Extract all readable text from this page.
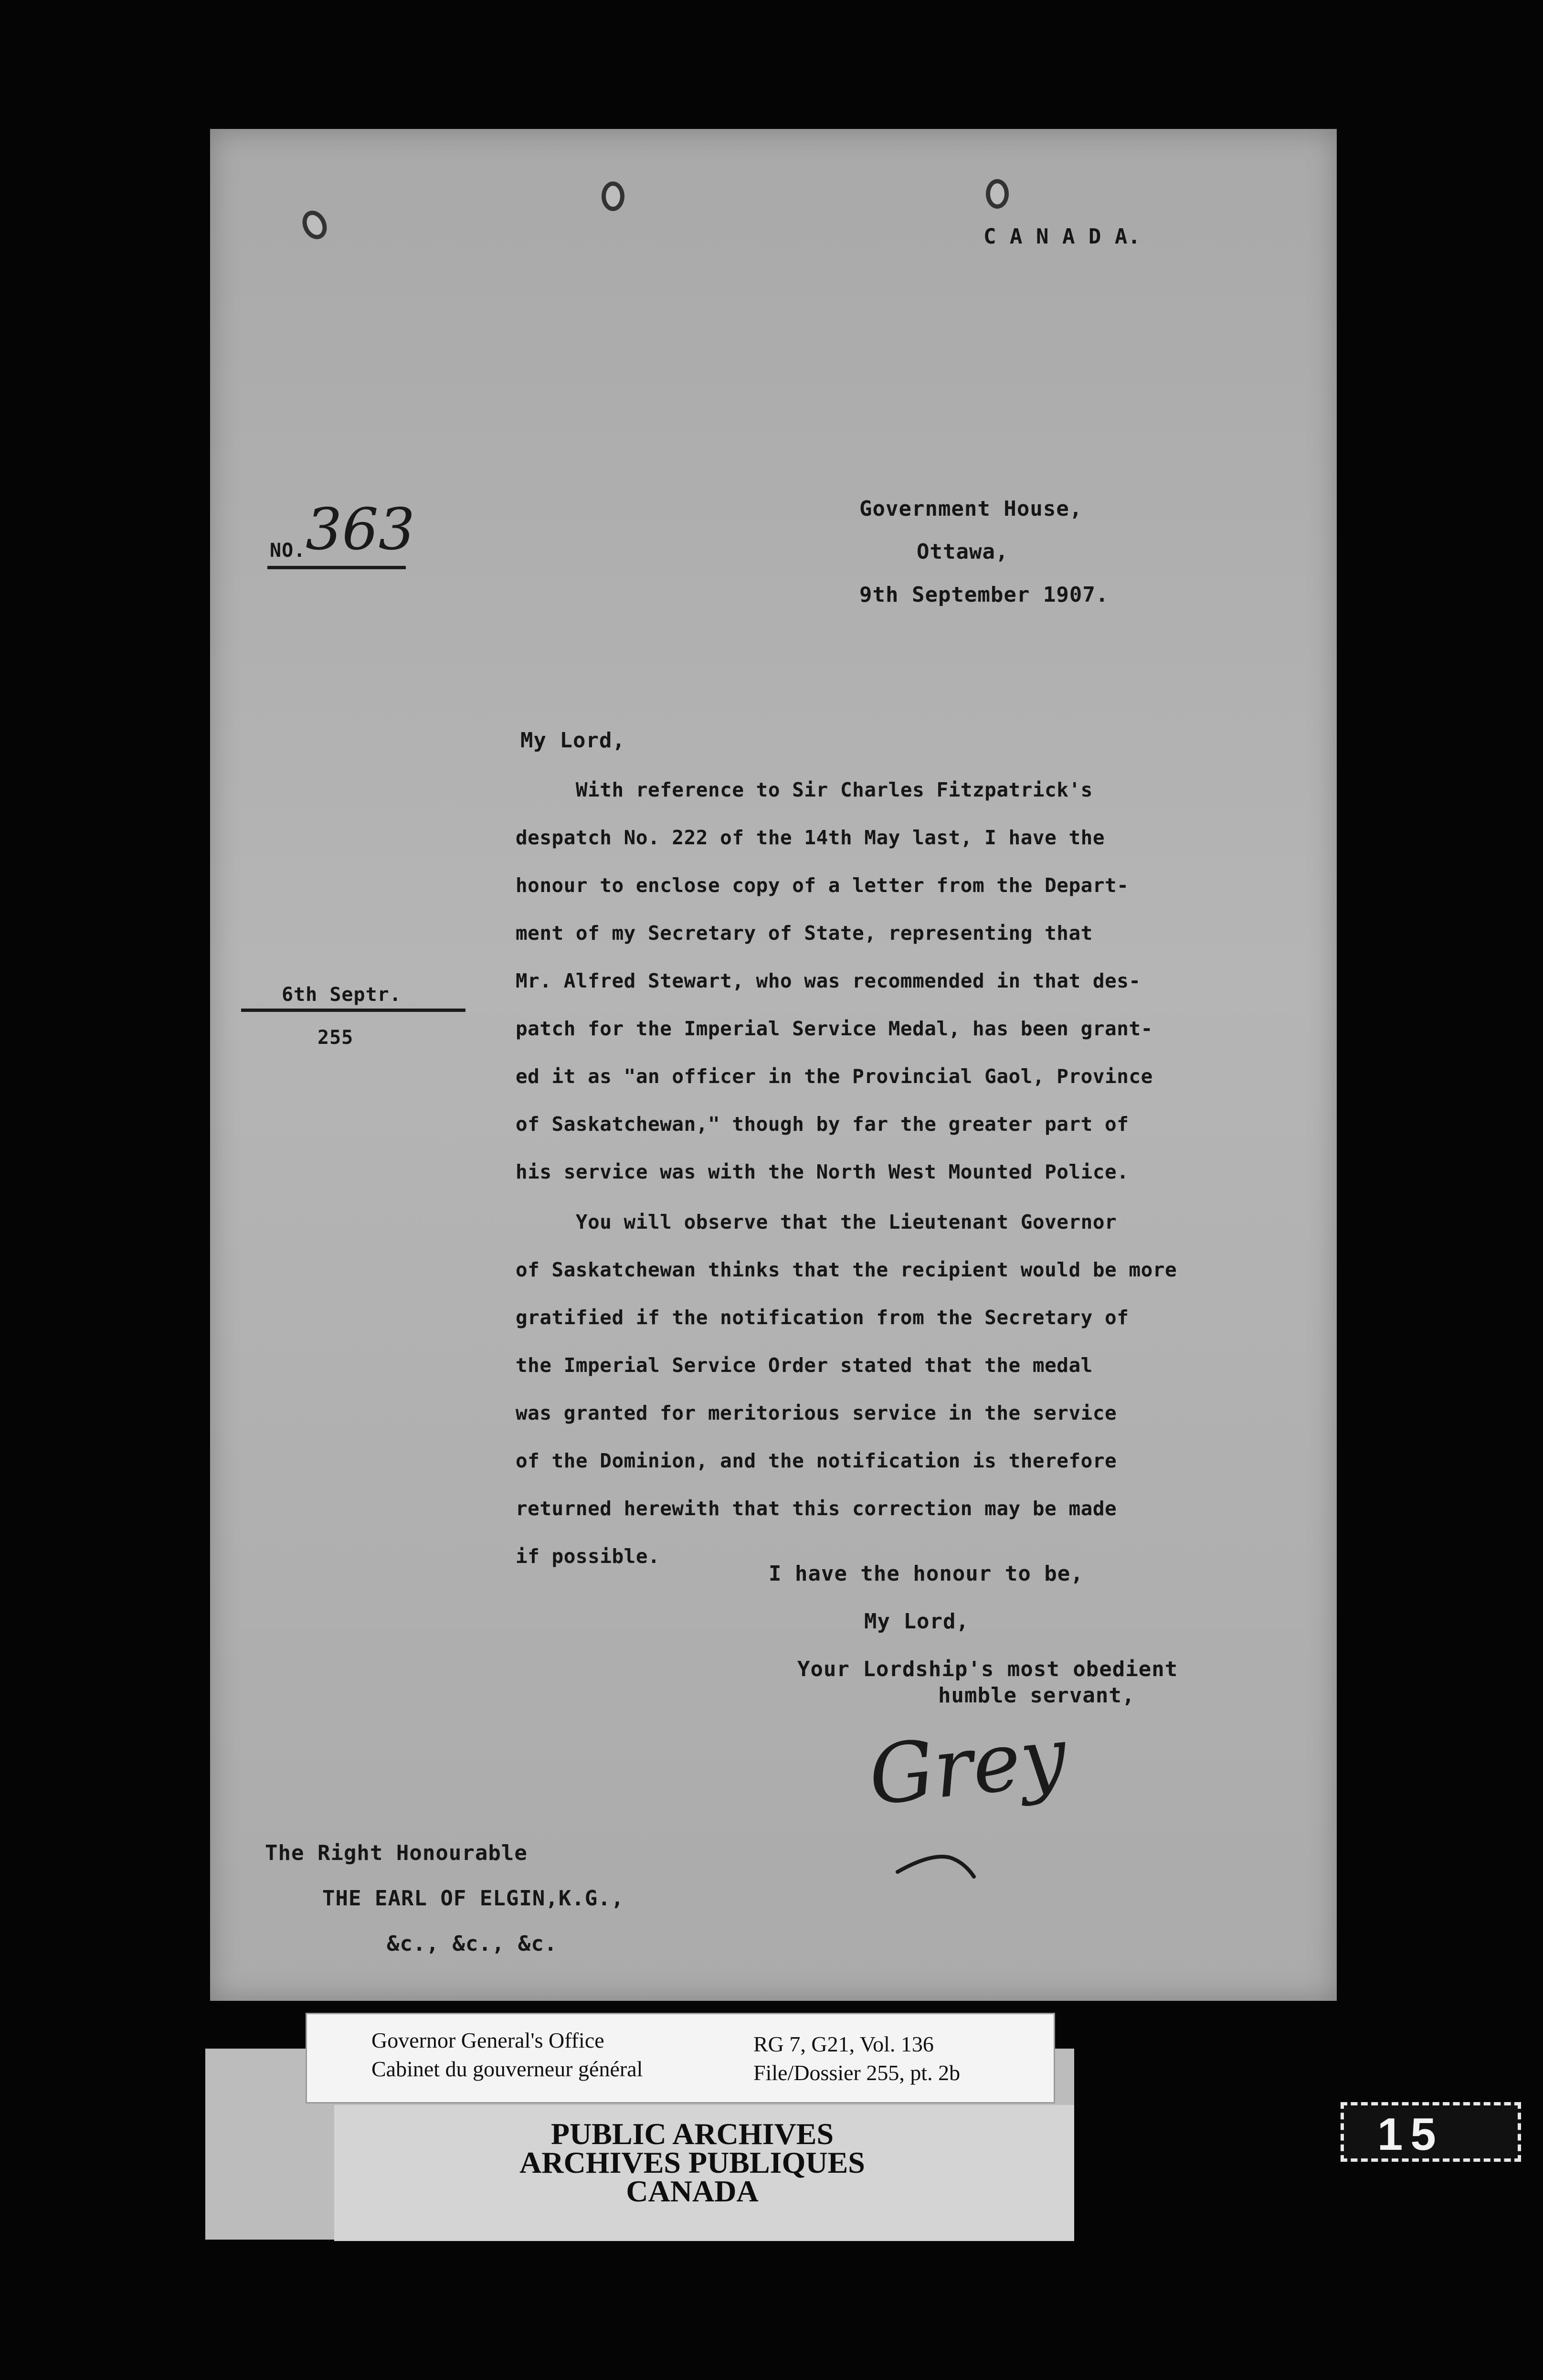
C A N A D A.
NO. 363	Government House,
Ottawa,
9th September 1907.
My Lord,
6th Septr.
255
With reference to Sir Charles Fitzpatrick's
despatch No. 222 of the 14th May last, I have the
honour to enclose copy of a letter from the Depart-
ment of my Secretary of State, representing that
Mr. Alfred Stewart, who was recommended in that des-
patch for the Imperial Service Medal, has been grant-
ed it as "an officer in the Provincial Gaol, Province
of Saskatchewan," though by far the greater part of
his service was with the North West Mounted Police.
You will observe that the Lieutenant Governor
of Saskatchewan thinks that the recipient would be more
gratified if the notification from the Secretary of
the Imperial Service Order stated that the medal
was granted for meritorious service in the service
of the Dominion, and the notification is therefore
returned herewith that this correction may be made
if possible.
I have the honour to be,
My Lord,
Your Lordship's most obedient
humble servant,
Grey
The Right Honourable
THE EARL OF ELGIN,K.G.,
&c., &c., &c.
Governor General's Office
Cabinet du gouverneur général
RG 7, G21, Vol. 136
File/Dossier 255, pt. 2b
PUBLIC ARCHIVES
ARCHIVES PUBLIQUES
CANADA
15
